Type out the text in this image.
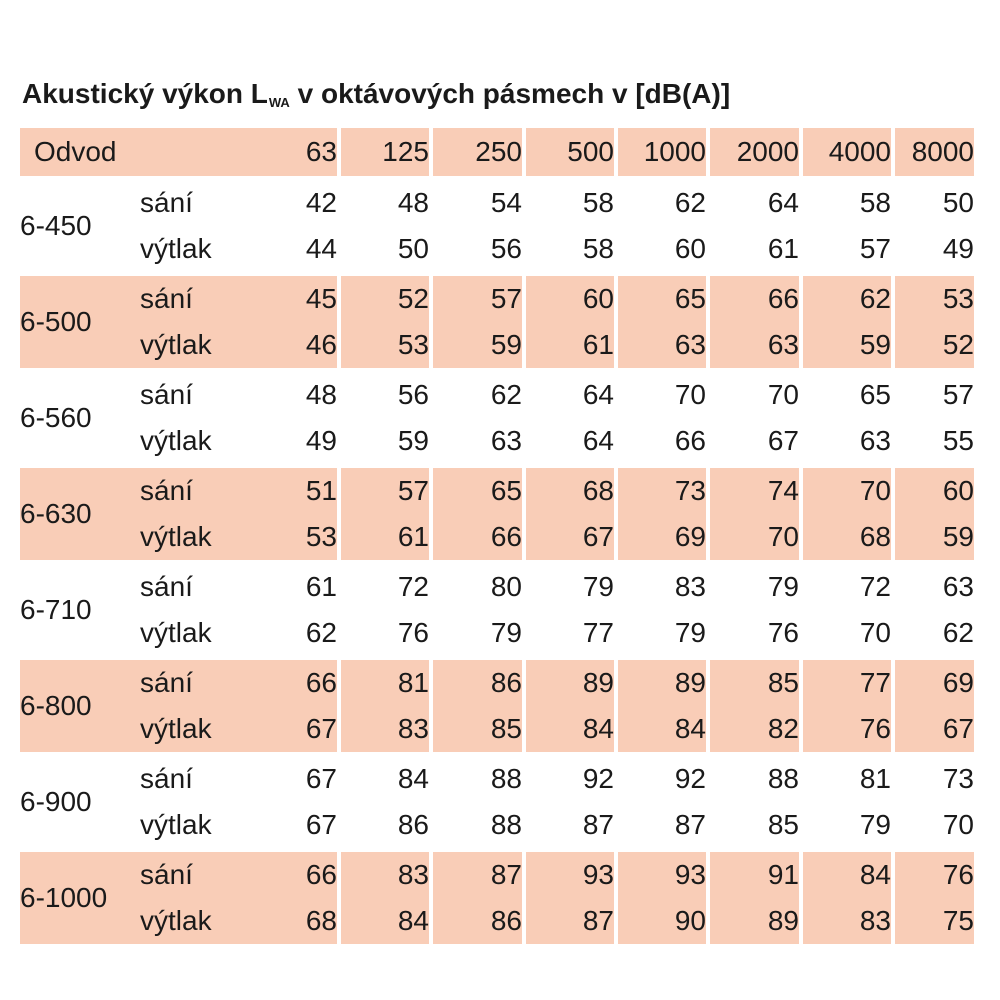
Akustický výkon $L_{WA}$ v oktávových pásmech v [dB(A)]
Odvod		63	125	250	500	1000	2000	4000	8000
6-450	sání	42	48	54	58	62	64	58	50
	výtlak	44	50	56	58	60	61	57	49
6-500	sání	45	52	57	60	65	66	62	53
	výtlak	46	53	59	61	63	63	59	52
6-560	sání	48	56	62	64	70	70	65	57
	výtlak	49	59	63	64	66	67	63	55
6-630	sání	51	57	65	68	73	74	70	60
	výtlak	53	61	66	67	69	70	68	59
6-710	sání	61	72	80	79	83	79	72	63
	výtlak	62	76	79	77	79	76	70	62
6-800	sání	66	81	86	89	89	85	77	69
	výtlak	67	83	85	84	84	82	76	67
6-900	sání	67	84	88	92	92	88	81	73
	výtlak	67	86	88	87	87	85	79	70
6-1000	sání	66	83	87	93	93	91	84	76
	výtlak	68	84	86	87	90	89	83	75
